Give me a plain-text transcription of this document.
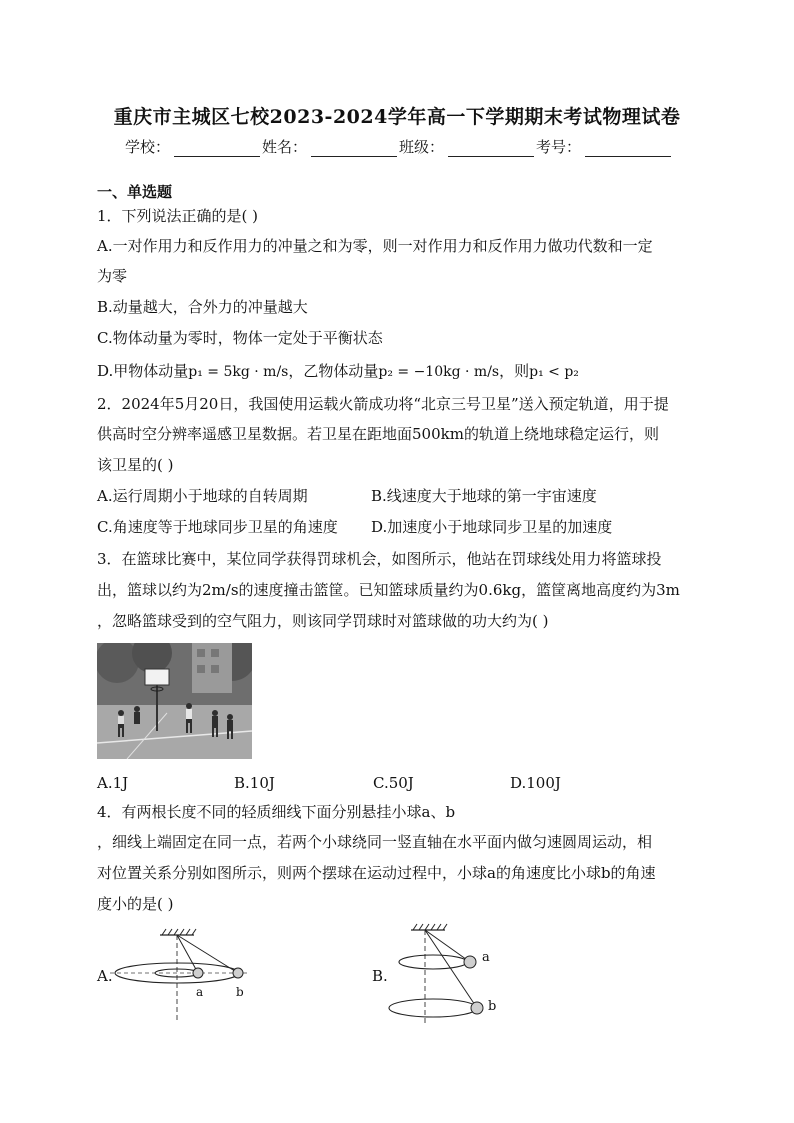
重庆市主城区七校2023-2024学年高一下学期期末考试物理试卷
学校：	姓名：	班级：	考号：
一、单选题
1．下列说法正确的是( )
A.一对作用力和反作用力的冲量之和为零，则一对作用力和反作用力做功代数和一定
为零
B.动量越大，合外力的冲量越大
C.物体动量为零时，物体一定处于平衡状态
D.甲物体动量p₁ = 5kg · m/s，乙物体动量p₂ = −10kg · m/s，则p₁ < p₂
2．2024年5月20日，我国使用运载火箭成功将“北京三号卫星”送入预定轨道，用于提
供高时空分辨率遥感卫星数据。若卫星在距地面500km的轨道上绕地球稳定运行，则
该卫星的( )
A.运行周期小于地球的自转周期	B.线速度大于地球的第一宇宙速度
C.角速度等于地球同步卫星的角速度 D.加速度小于地球同步卫星的加速度
3．在篮球比赛中，某位同学获得罚球机会，如图所示，他站在罚球线处用力将篮球投
出，篮球以约为2m/s的速度撞击篮筐。已知篮球质量约为0.6kg，篮筐离地高度约为3m
，忽略篮球受到的空气阻力，则该同学罚球时对篮球做的功大约为( )
A.1J	B.10J	C.50J	D.100J
4．有两根长度不同的轻质细线下面分别悬挂小球a、b
，细线上端固定在同一点，若两个小球绕同一竖直轴在水平面内做匀速圆周运动，相
对位置关系分别如图所示，则两个摆球在运动过程中，小球a的角速度比小球b的角速
度小的是( )
A.
a	b
B.
a
b
